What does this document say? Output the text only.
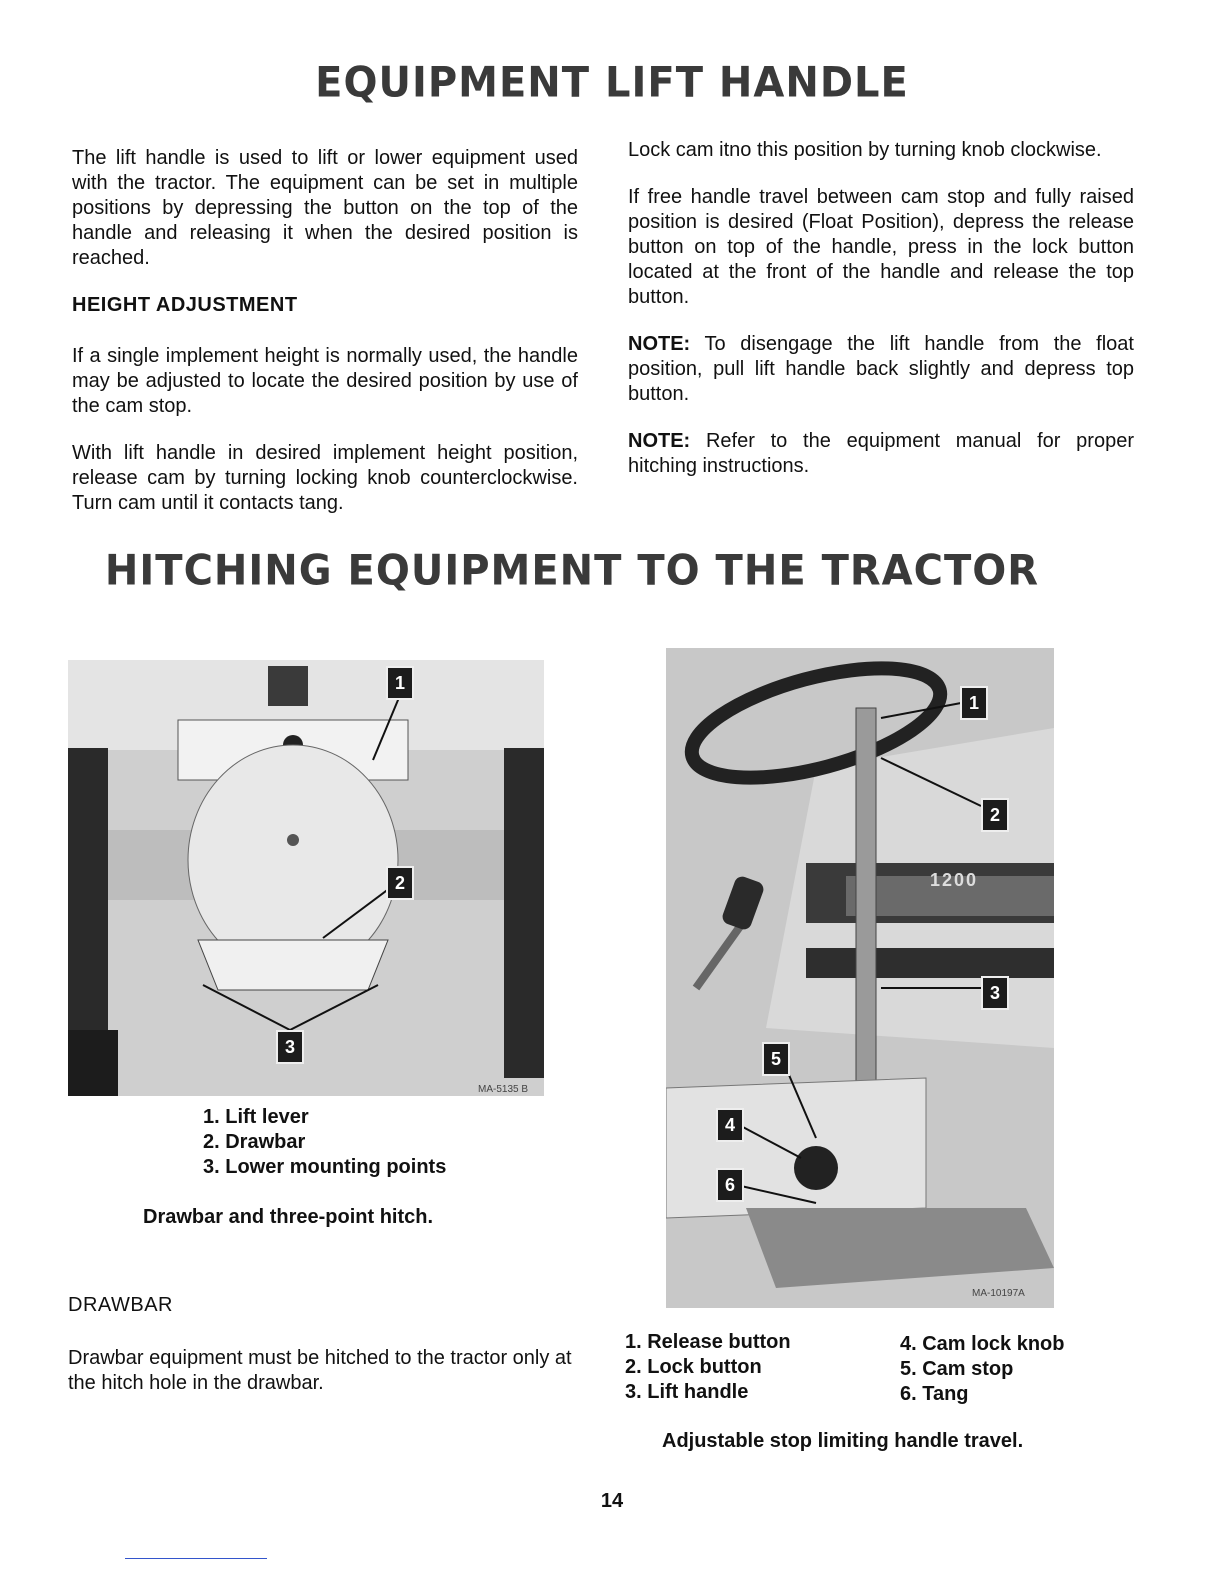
EQUIPMENT LIFT HANDLE

The lift handle is used to lift or lower equipment used with the tractor. The equipment can be set in multiple positions by depressing the button on the top of the handle and releasing it when the desired position is reached.

HEIGHT ADJUSTMENT

If a single implement height is normally used, the handle may be adjusted to locate the desired position by use of the cam stop.

With lift handle in desired implement height position, release cam by turning locking knob counterclockwise. Turn cam until it contacts tang.

Lock cam itno this position by turning knob clockwise.

If free handle travel between cam stop and fully raised position is desired (Float Position), depress the release button on top of the handle, press in the lock button located at the front of the handle and release the top button.

NOTE: To disengage the lift handle from the float position, pull lift handle back slightly and depress top button.

NOTE: Refer to the equipment manual for proper hitching instructions.

HITCHING EQUIPMENT TO THE TRACTOR
1
2
3
MA-5135 B
1. Lift lever
2. Drawbar
3. Lower mounting points
Drawbar and three-point hitch.
DRAWBAR

Drawbar equipment must be hitched to the tractor only at the hitch hole in the drawbar.

1200
1
2
3
4
5
6
MA-10197A
1. Release button
2. Lock button
3. Lift handle
4. Cam lock knob
5. Cam stop
6. Tang
Adjustable stop limiting handle travel.
14
